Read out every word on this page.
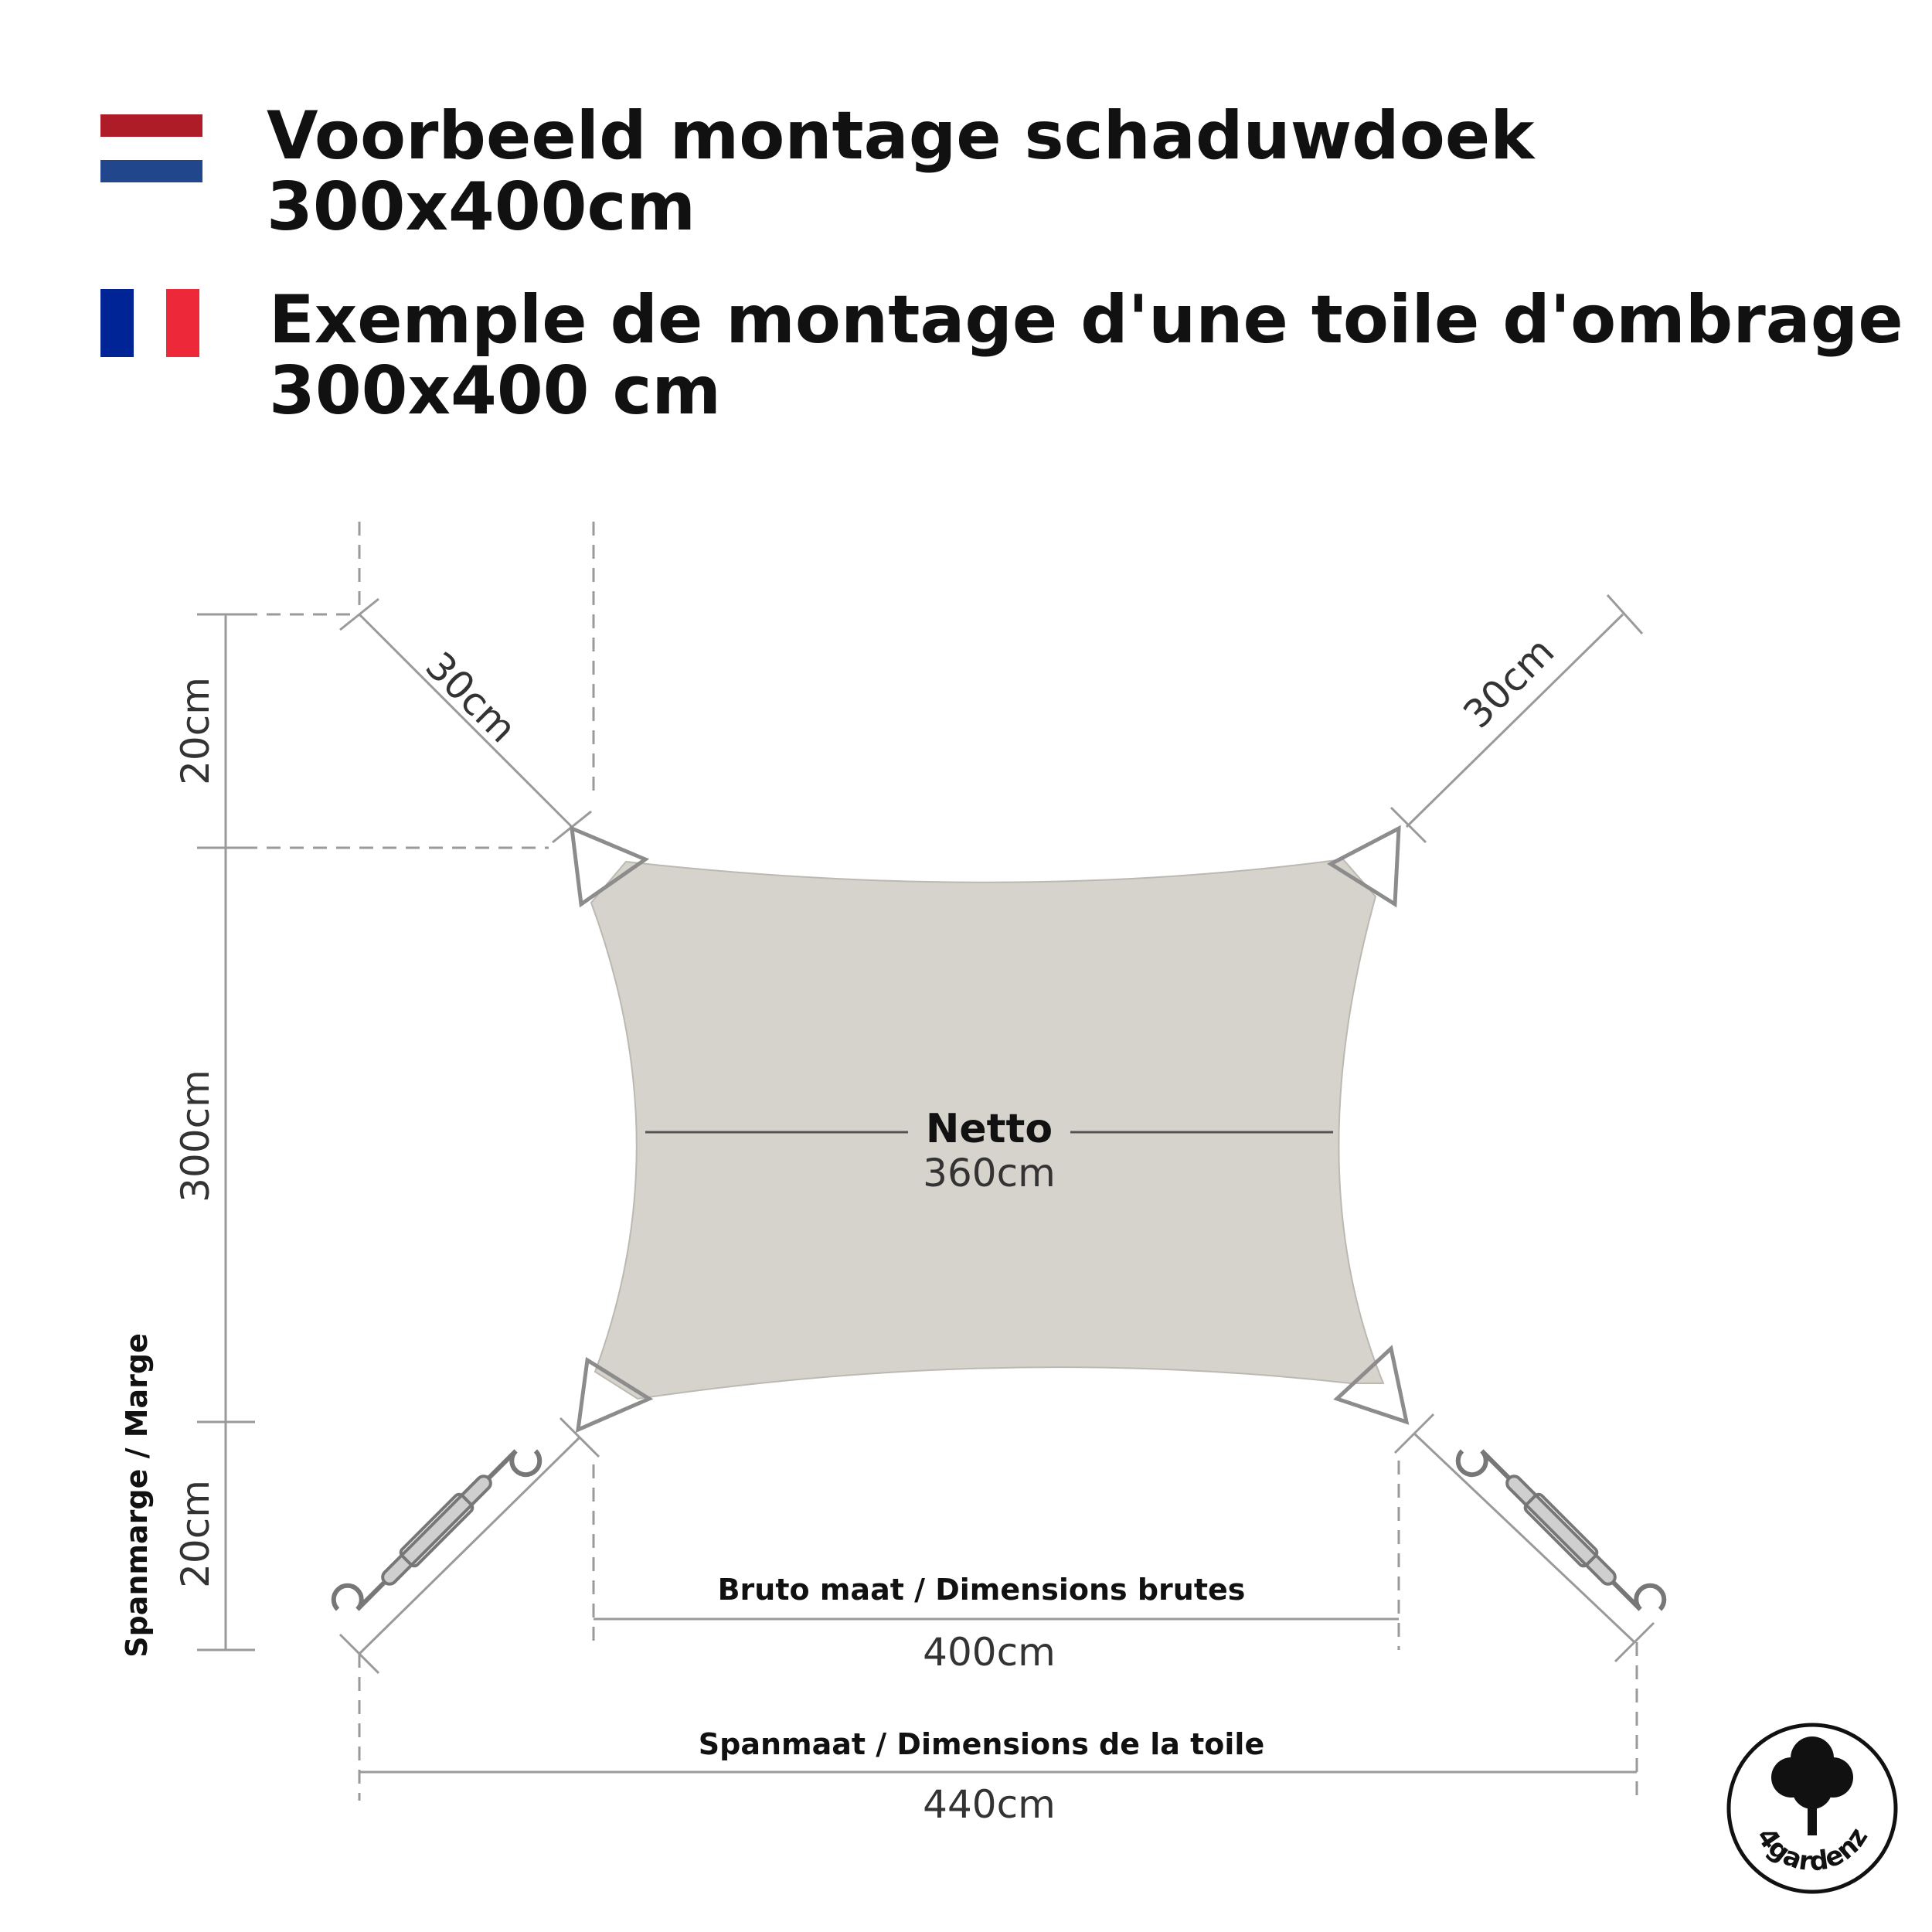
Voorbeeld montage schaduwdoek
300x400cm
Exemple de montage d'une toile d'ombrage
300x400 cm
Netto
360cm
30cm	30cm
20cm
300cm
20cm
Spanmarge / Marge	Bruto maat / Dimensions brutes
400cm
Spanmaat / Dimensions de la toile
440cm
4gardenz
